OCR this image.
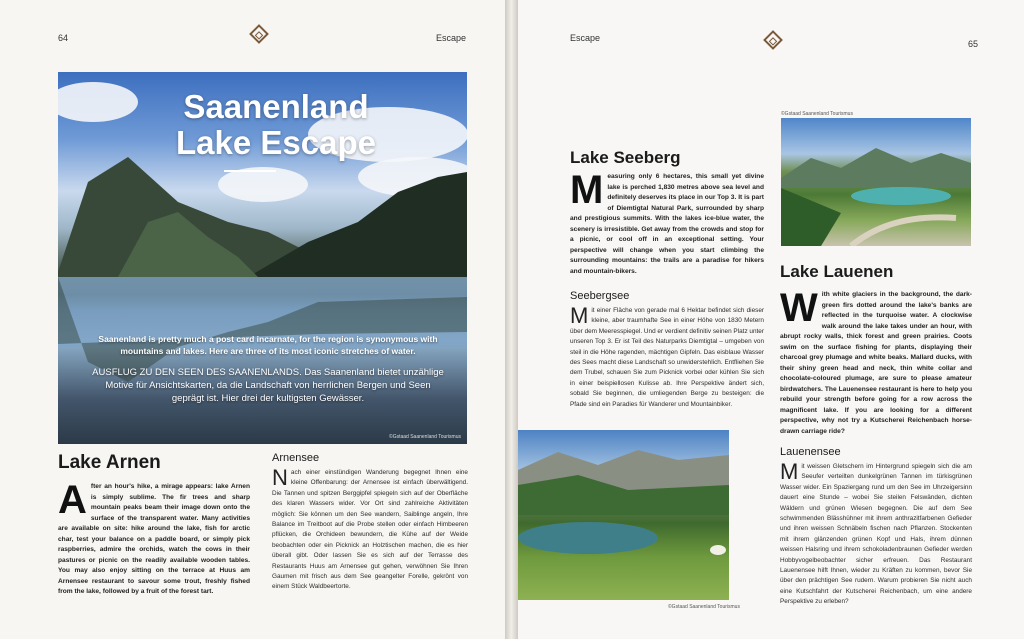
64	Escape
Saanenland
Lake Escape
Saanenland is pretty much a post card incarnate, for the region is synonymous with mountains and lakes. Here are three of its most iconic stretches of water.
AUSFLUG ZU DEN SEEN DES SAANENLANDS. Das Saanenland bietet unzählige Motive für Ansichtskarten, da die Landschaft von herrlichen Bergen und Seen geprägt ist. Hier drei der kultigsten Gewässer.
©Gstaad Saanenland Tourismus
Lake Arnen
After an hour's hike, a mirage appears: lake Arnen is simply sublime. The fir trees and sharp mountain peaks beam their image down onto the surface of the transparent water. Many activities are available on site: hike around the lake, fish for arctic char, test your balance on a paddle board, or simply pick raspberries, admire the orchids, watch the cows in their pastures or picnic on the readily available wooden tables. You may also enjoy sitting on the terrace at Huus am Arnensee restaurant to savour some trout, freshly fished from the lake, followed by a fruit of the forest tart.
Arnensee
Nach einer einstündigen Wanderung begegnet Ihnen eine kleine Offenbarung: der Arnensee ist einfach überwältigend. Die Tannen und spitzen Berggipfel spiegeln sich auf der Oberfläche des klaren Wassers wider. Vor Ort sind zahlreiche Aktivitäten möglich: Sie können um den See wandern, Saiblinge angeln, Ihre Balance im Treitboot auf die Probe stellen oder einfach Himbeeren pflücken, die Orchideen bewundern, die Kühe auf der Weide beobachten oder ein Picknick an Holztischen machen, die es hier überall gibt. Oder lassen Sie es sich auf der Terrasse des Restaurants Huus am Arnensee gut gehen, verwöhnen Sie Ihren Gaumen mit frisch aus dem See geangelter Forelle, gekrönt von einem Stück Waldbeertorte.
Escape
65
©Gstaad Saanenland Tourismus
Lake Seeberg
Measuring only 6 hectares, this small yet divine lake is perched 1,830 metres above sea level and definitely deserves its place in our Top 3. It is part of Diemtigtal Natural Park, surrounded by sharp and prestigious summits. With the lakes ice-blue water, the scenery is irresistible. Get away from the crowds and stop for a picnic, or cool off in an exceptional setting. Your perspective will change when you start climbing the surrounding mountains: the trails are a paradise for hikers and mountain-bikers.
Seebergsee
Mit einer Fläche von gerade mal 6 Hektar befindet sich dieser kleine, aber traumhafte See in einer Höhe von 1830 Metern über dem Meeresspiegel. Und er verdient definitiv seinen Platz unter unseren Top 3. Er ist Teil des Naturparks Diemtigtal – umgeben von steil in die Höhe ragenden, mächtigen Gipfeln. Das eisblaue Wasser des Sees macht diese Landschaft so unwiderstehlich. Entfliehen Sie dem Trubel, schauen Sie zum Picknick vorbei oder kühlen Sie sich in einer beispiellosen Kulisse ab. Ihre Perspektive ändert sich, sobald Sie beginnen, die umliegenden Berge zu besteigen: die Pfade sind ein Paradies für Wanderer und Mountainbiker.
©Gstaad Saanenland Tourismus
Lake Lauenen
With white glaciers in the background, the dark-green firs dotted around the lake's banks are reflected in the turquoise water. A clockwise walk around the lake takes under an hour, with abrupt rocky walls, thick forest and green prairies. Coots swim on the surface fishing for plants, displaying their charcoal grey plumage and white beaks. Mallard ducks, with their shiny green head and neck, thin white collar and chocolate-coloured plumage, are sure to please amateur birdwatchers. The Lauenensee restaurant is here to help you rebuild your strength before going for a row across the magnificent lake. If you are looking for a different perspective, why not try a Kutscherei Reichenbach horse-drawn carriage ride?
Lauenensee
Mit weissen Gletschern im Hintergrund spiegeln sich die am Seeufer verteilten dunkelgrünen Tannen im türkisgrünen Wasser wider. Ein Spaziergang rund um den See im Uhrzeigersinn dauert eine Stunde – wobei Sie steilen Felswänden, dichten Wäldern und grünen Wiesen begegnen. Die auf dem See schwimmenden Blässhühner mit ihrem anthrazitfarbenen Gefieder und ihren weissen Schnäbeln fischen nach Pflanzen. Stockenten mit ihrem glänzenden grünen Kopf und Hals, ihrem dünnen weissen Halsring und ihrem schokoladenbraunen Gefieder werden Hobbyvogelbeobachter sicher erfreuen. Das Restaurant Lauenensee hilft Ihnen, wieder zu Kräften zu kommen, bevor Sie über den prächtigen See rudern. Warum probieren Sie nicht auch eine Kutschfahrt der Kutscherei Reichenbach, um eine andere Perspektive zu erleben?
